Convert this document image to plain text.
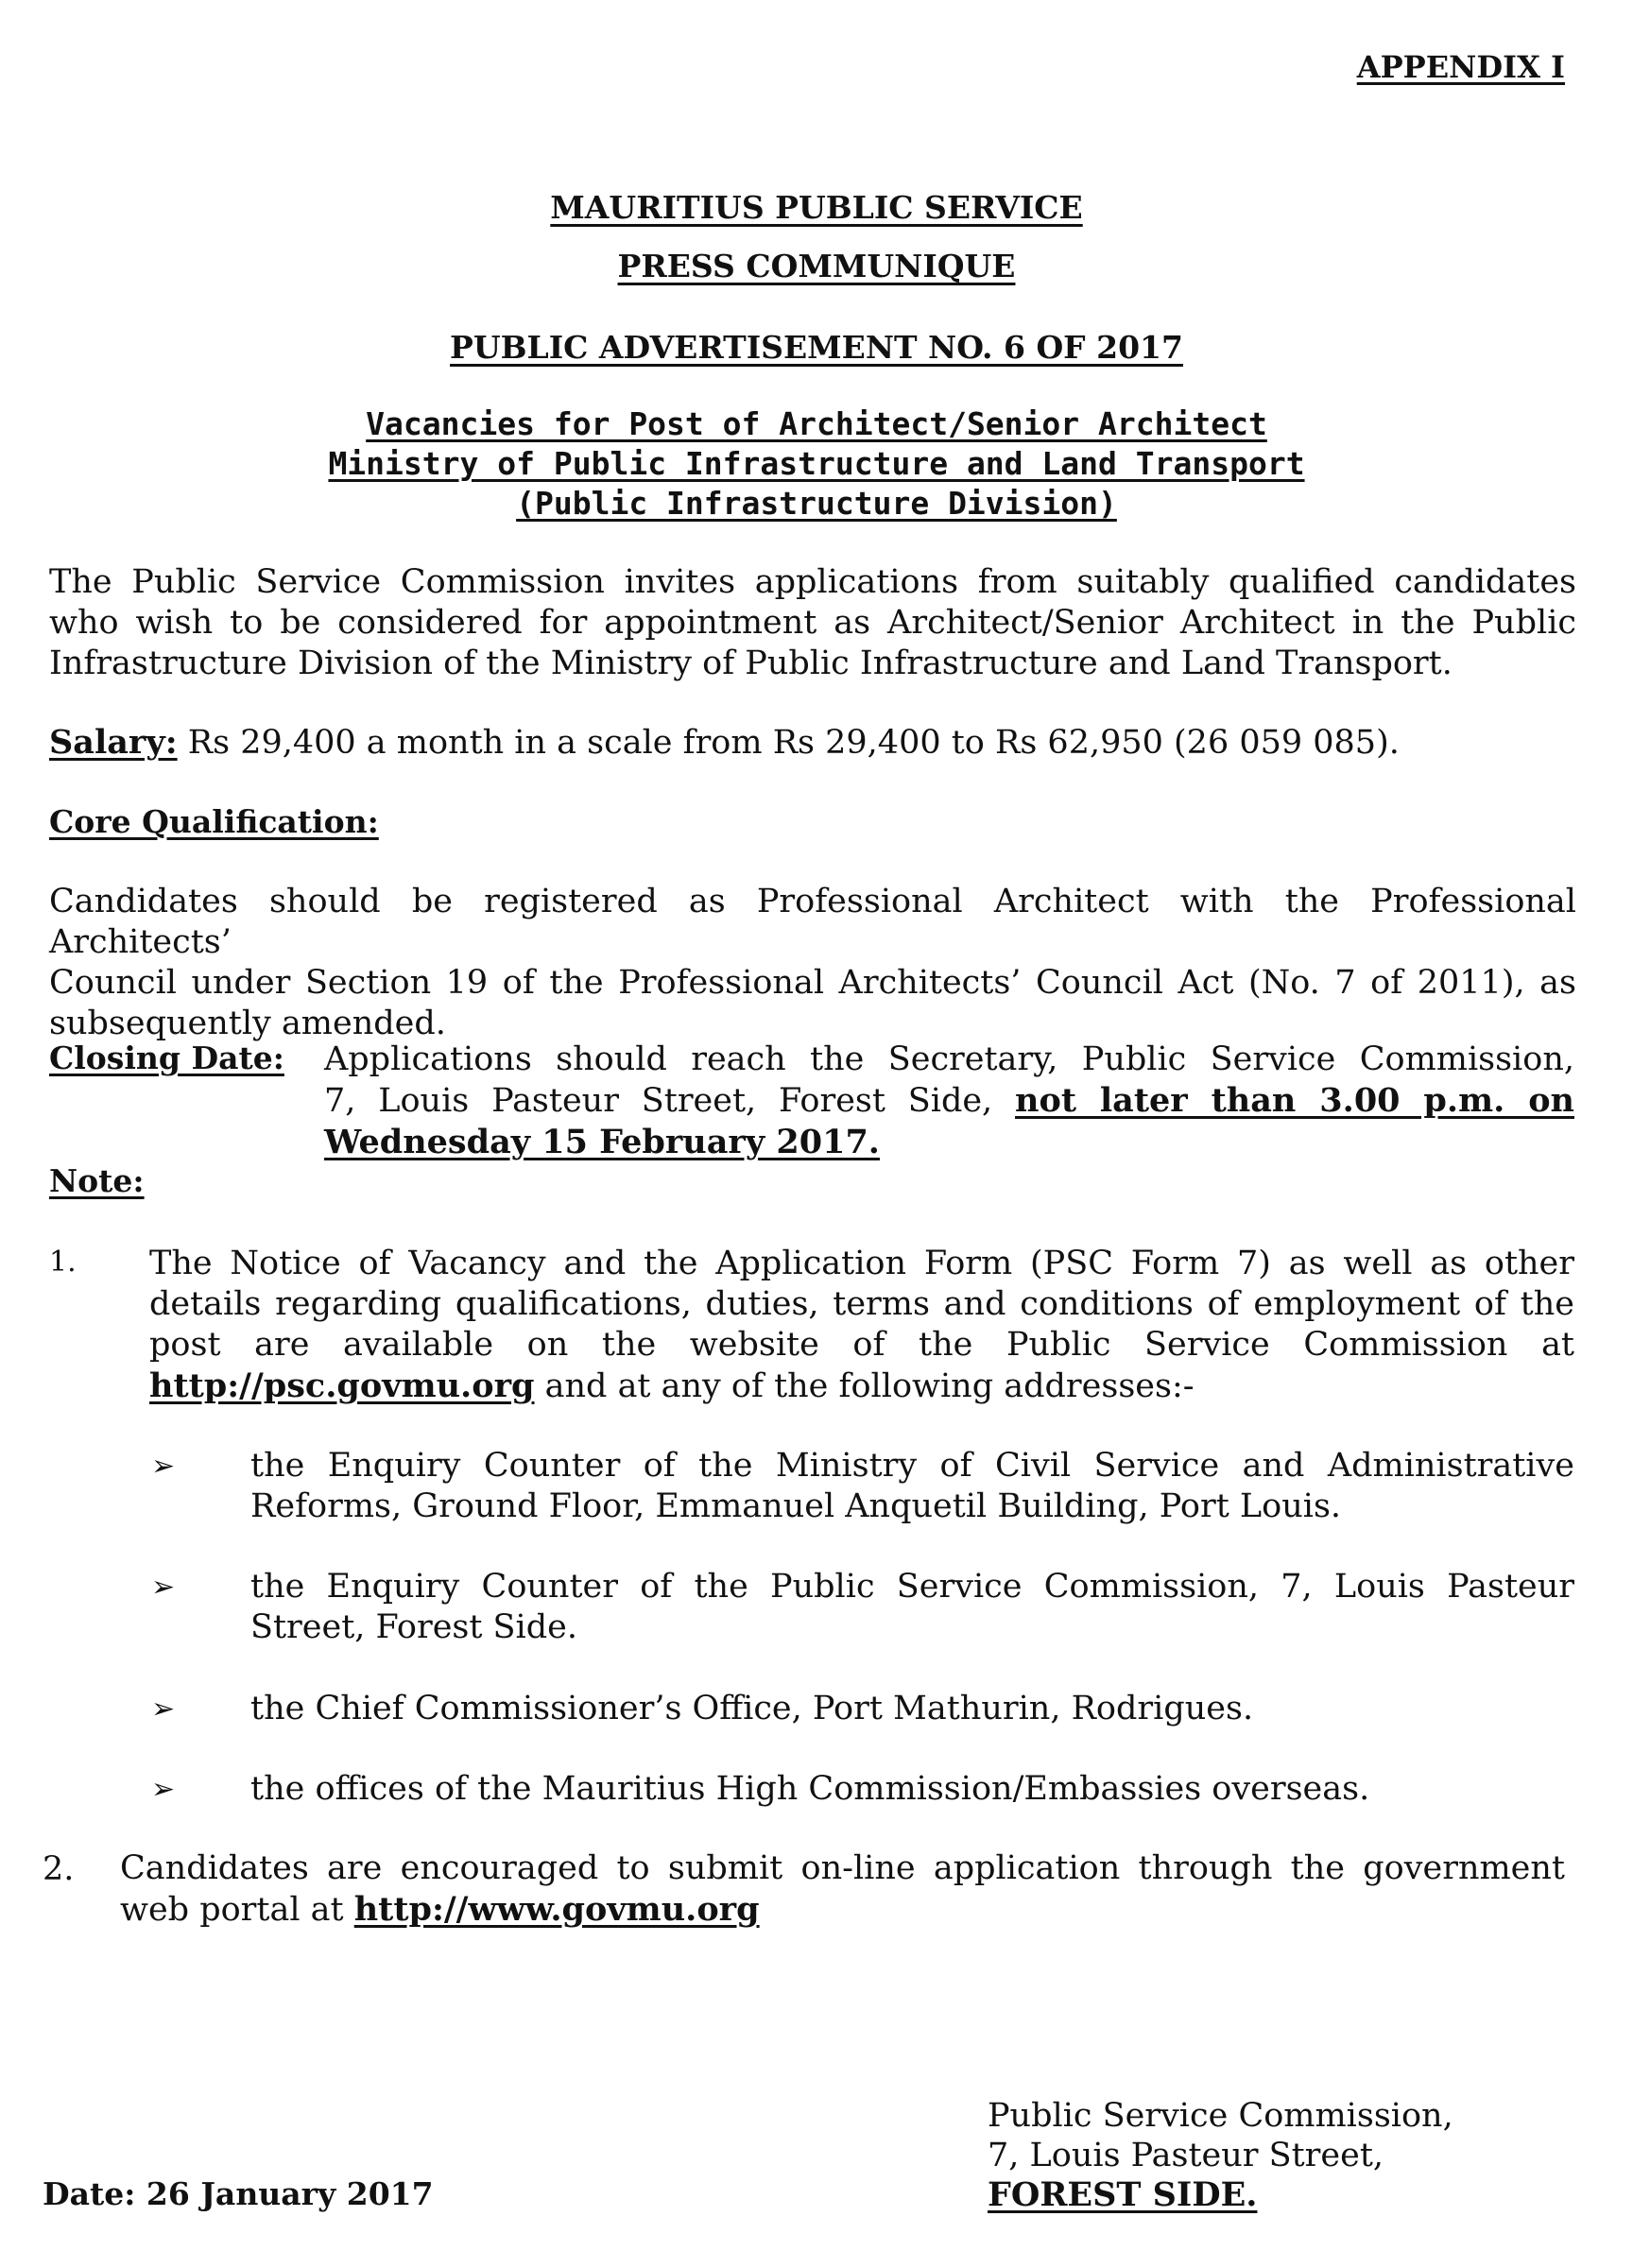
APPENDIX I
MAURITIUS PUBLIC SERVICE
PRESS COMMUNIQUE
PUBLIC ADVERTISEMENT NO. 6 OF 2017
Vacancies for Post of Architect/Senior Architect
Ministry of Public Infrastructure and Land Transport
(Public Infrastructure Division)
The Public Service Commission invites applications from suitably qualified candidates
who wish to be considered for appointment as Architect/Senior Architect in the Public
Infrastructure Division of the Ministry of Public Infrastructure and Land Transport.
Salary: Rs 29,400 a month in a scale from Rs 29,400 to Rs 62,950 (26 059 085).
Core Qualification:
Candidates should be registered as Professional Architect with the Professional Architects’
Council under Section 19 of the Professional Architects’ Council Act (No. 7 of 2011), as
subsequently amended.
Closing Date: Applications should reach the Secretary, Public Service Commission,
7, Louis Pasteur Street, Forest Side, not later than 3.00 p.m. on
Wednesday 15 February 2017.
Note:
1. The Notice of Vacancy and the Application Form (PSC Form 7) as well as other
details regarding qualifications, duties, terms and conditions of employment of the
post are available on the website of the Public Service Commission at
http://psc.govmu.org and at any of the following addresses:-
➢ the Enquiry Counter of the Ministry of Civil Service and Administrative
Reforms, Ground Floor, Emmanuel Anquetil Building, Port Louis.
➢ the Enquiry Counter of the Public Service Commission, 7, Louis Pasteur
Street, Forest Side.
➢ the Chief Commissioner’s Office, Port Mathurin, Rodrigues.
➢ the offices of the Mauritius High Commission/Embassies overseas.
2. Candidates are encouraged to submit on-line application through the government
web portal at http://www.govmu.org
Date: 26 January 2017
Public Service Commission,
7, Louis Pasteur Street,
FOREST SIDE.
